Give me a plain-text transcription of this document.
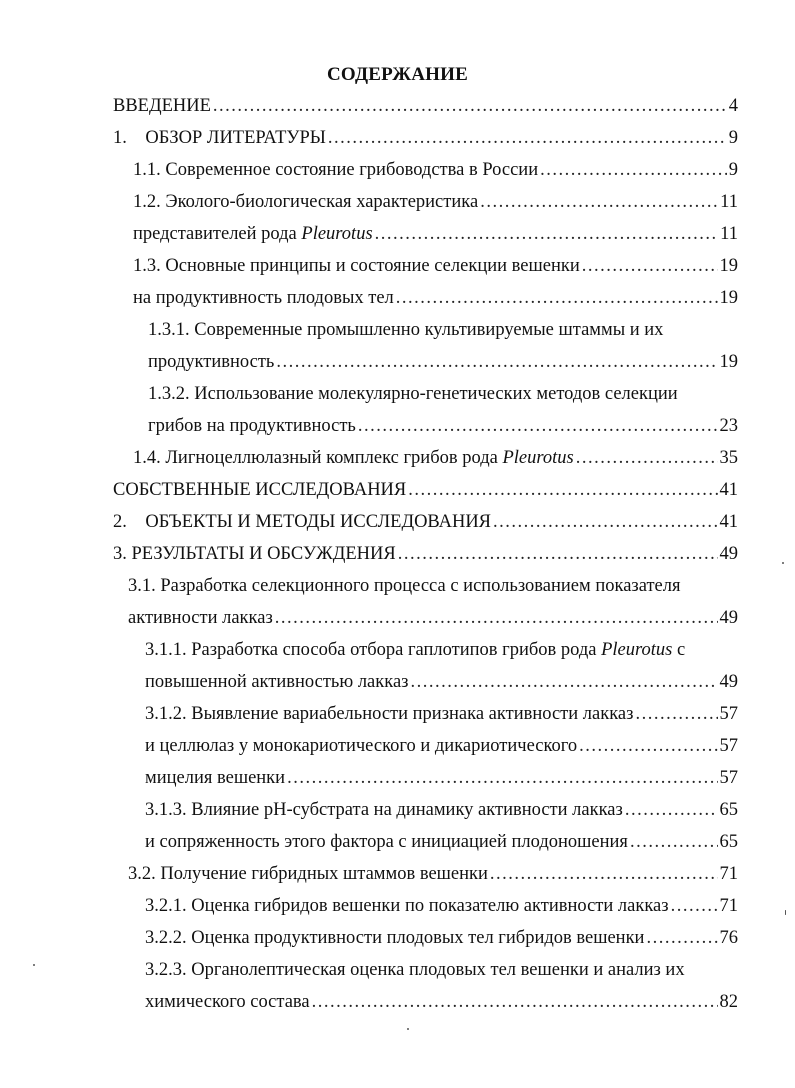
СОДЕРЖАНИЕ
ВВЕДЕНИЕ .....	4
1.    ОБЗОР ЛИТЕРАТУРЫ .....	9
1.1. Современное состояние грибоводства в России .....	9
1.2. Эколого-биологическая характеристика .....	11
представителей рода Pleurotus .....	11
1.3. Основные принципы и состояние селекции вешенки .....	19
на продуктивность плодовых тел .....	19
1.3.1. Современные промышленно культивируемые штаммы и их
продуктивность .....	19
1.3.2. Использование молекулярно-генетических методов селекции
грибов на продуктивность .....	23
1.4. Лигноцеллюлазный комплекс грибов рода Pleurotus .....	35
СОБСТВЕННЫЕ ИССЛЕДОВАНИЯ .....	41
2.    ОБЪЕКТЫ И МЕТОДЫ ИССЛЕДОВАНИЯ .....	41
3. РЕЗУЛЬТАТЫ И ОБСУЖДЕНИЯ .....	49
3.1. Разработка селекционного процесса с использованием показателя
активности лакказ .....	49
3.1.1. Разработка способа отбора гаплотипов грибов рода Pleurotus с
повышенной активностью лакказ .....	49
3.1.2. Выявление вариабельности признака активности лакказ .....	57
и целлюлаз у монокариотического и дикариотического .....	57
мицелия вешенки .....	57
3.1.3. Влияние pH-субстрата на динамику активности лакказ .....	65
и сопряженность этого фактора с инициацией плодоношения .....	65
3.2. Получение гибридных штаммов вешенки .....	71
3.2.1. Оценка гибридов вешенки по показателю активности лакказ .....	71
3.2.2. Оценка продуктивности плодовых тел гибридов вешенки .....	76
3.2.3. Органолептическая оценка плодовых тел вешенки и анализ их
химического состава .....	82
